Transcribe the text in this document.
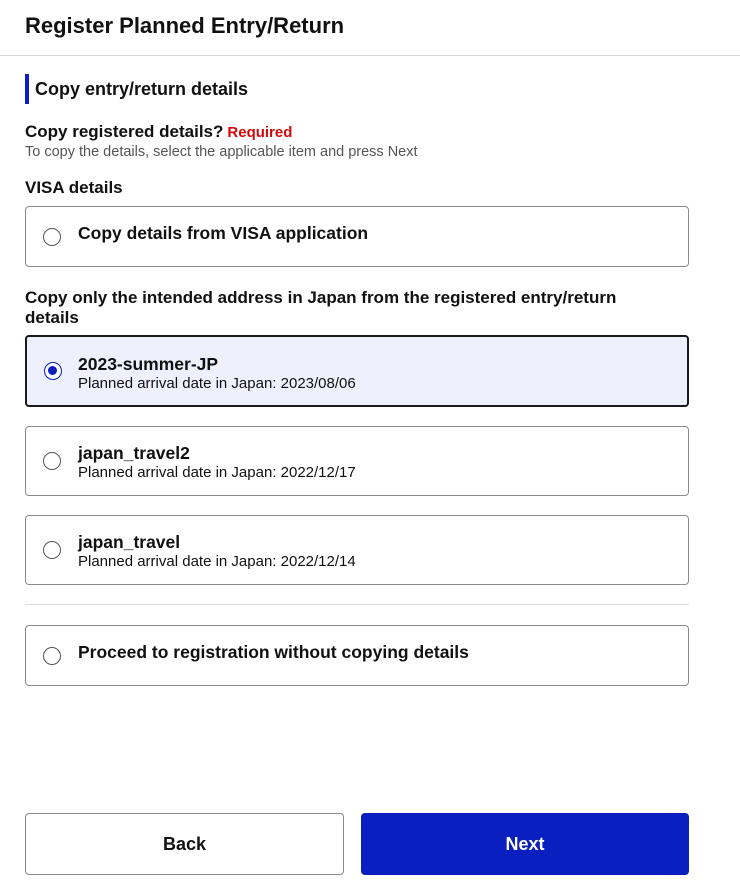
Register Planned Entry/Return
Copy entry/return details
Copy registered details? Required
To copy the details, select the applicable item and press Next
VISA details
Copy details from VISA application
Copy only the intended address in Japan from the registered entry/return details
2023-summer-JP
Planned arrival date in Japan: 2023/08/06
japan_travel2
Planned arrival date in Japan: 2022/12/17
japan_travel
Planned arrival date in Japan: 2022/12/14
Proceed to registration without copying details
Back	Next
